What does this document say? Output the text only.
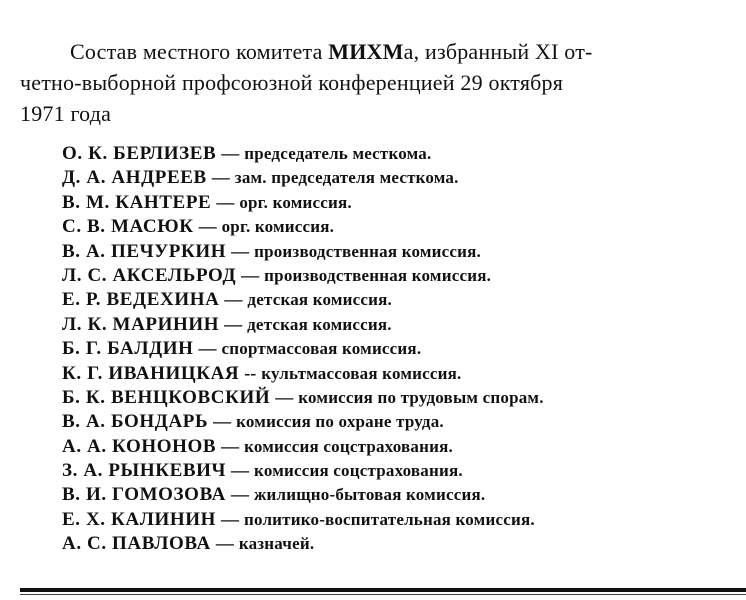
Состав местного комитета МИХМа, избранный XI от-
четно-выборной профсоюзной конференцией 29 октября
1971 года
О. К. БЕРЛИЗЕВ — председатель месткома.
Д. А. АНДРЕЕВ — зам. председателя месткома.
В. М. КАНТЕРЕ — орг. комиссия.
С. В. МАСЮК — орг. комиссия.
В. А. ПЕЧУРКИН — производственная комиссия.
Л. С. АКСЕЛЬРОД — производственная комиссия.
Е. Р. ВЕДЕХИНА — детская комиссия.
Л. К. МАРИНИН — детская комиссия.
Б. Г. БАЛДИН — спортмассовая комиссия.
К. Г. ИВАНИЦКАЯ -- культмассовая комиссия.
Б. К. ВЕНЦКОВСКИЙ — комиссия по трудовым спорам.
В. А. БОНДАРЬ — комиссия по охране труда.
А. А. КОНОНОВ — комиссия соцстрахования.
З. А. РЫНКЕВИЧ — комиссия соцстрахования.
В. И. ГОМОЗОВА — жилищно-бытовая комиссия.
Е. Х. КАЛИНИН — политико-воспитательная комиссия.
А. С. ПАВЛОВА — казначей.
